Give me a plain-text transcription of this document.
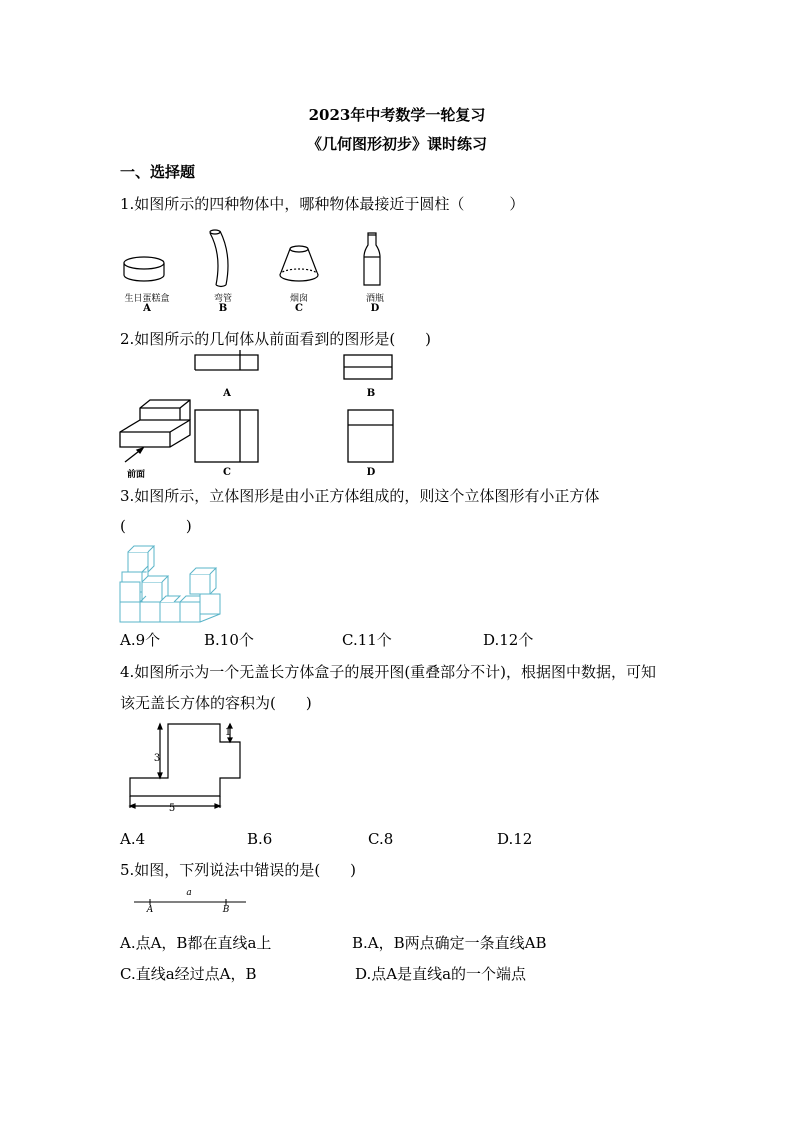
2023年中考数学一轮复习
《几何图形初步》课时练习
一、选择题
1.如图所示的四种物体中，哪种物体最接近于圆柱（　　　）
生日蛋糕盒	弯管	烟囱	酒瓶
A	B	C	D
2.如图所示的几何体从前面看到的图形是(　　)
A	B
C	D
前面
3.如图所示，立体图形是由小正方体组成的，则这个立体图形有小正方体
(　　　　)
A.9个	B.10个	C.11个	D.12个
4.如图所示为一个无盖长方体盒子的展开图(重叠部分不计)，根据图中数据，可知
该无盖长方体的容积为(　　)
1
3
5
A.4	B.6	C.8	D.12
5.如图，下列说法中错误的是(　　)
a
A	B
A.点A，B都在直线a上	B.A，B两点确定一条直线AB
C.直线a经过点A，B	D.点A是直线a的一个端点
